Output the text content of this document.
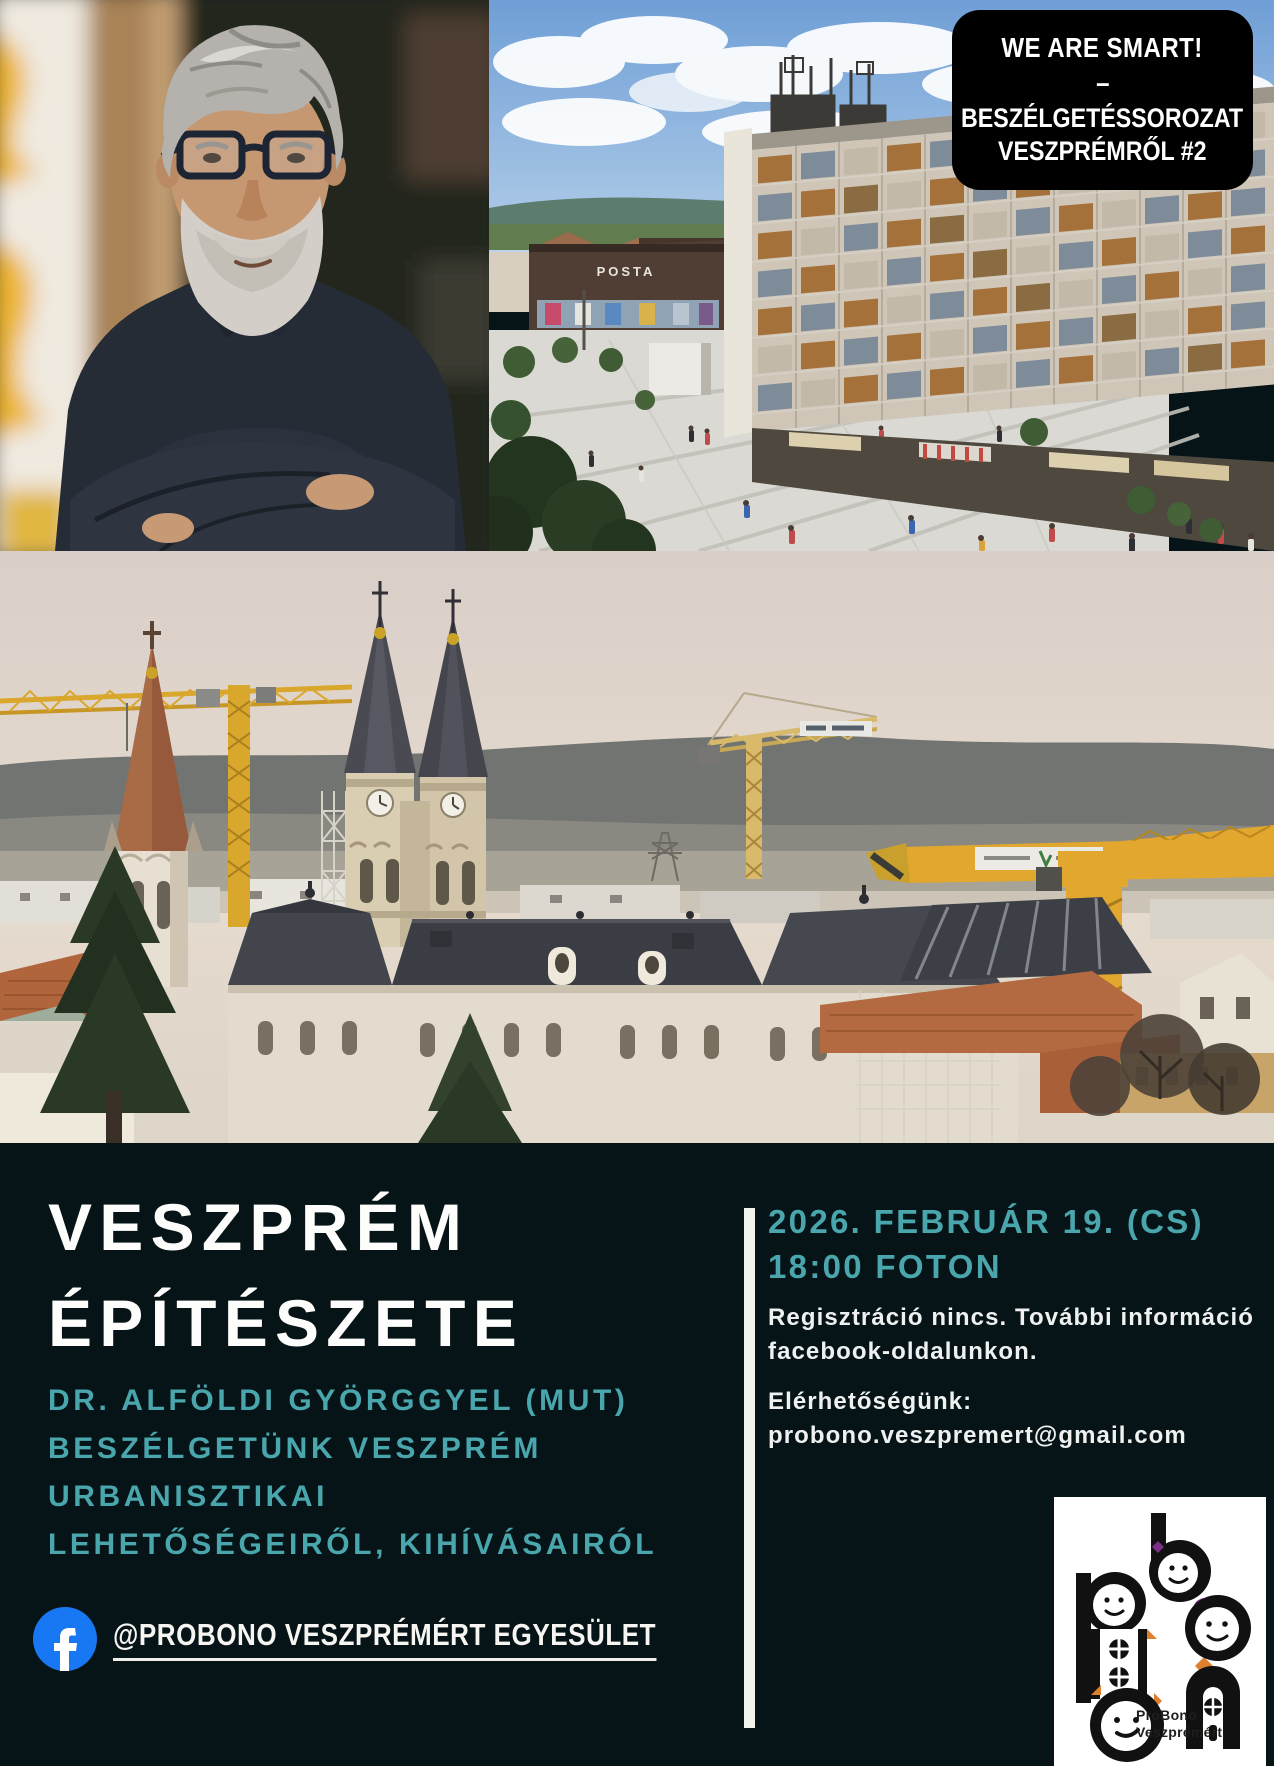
POSTA
WE ARE SMART!
–
BESZÉLGETÉSSOROZAT
VESZPRÉMRŐL #2
VESZPRÉM
ÉPÍTÉSZETE
DR. ALFÖLDI GYÖRGGYEL (MUT)
BESZÉLGETÜNK VESZPRÉM
URBANISZTIKAI
LEHETŐSÉGEIRŐL, KIHÍVÁSAIRÓL
@PROBONO VESZPRÉMÉRT EGYESÜLET
2026. FEBRUÁR 19. (CS)
18:00 FOTON
Regisztráció nincs. További információ
facebook-oldalunkon.
Elérhetőségünk:
probono.veszpremert@gmail.com
ProBono
Veszprémért
